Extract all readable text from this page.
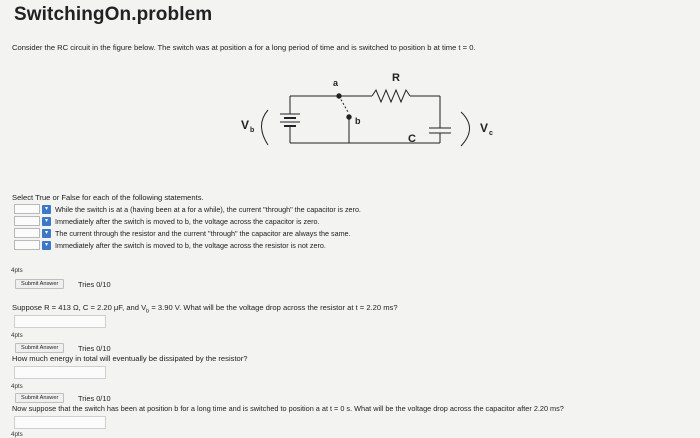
SwitchingOn.problem
Consider the RC circuit in the figure below. The switch was at position a for a long period of time and is switched to position b at time t = 0.
V b
a
b
R
C
V c
Select True or False for each of the following statements.
▾ While the switch is at a (having been at a for a while), the current "through" the capacitor is zero.
▾ Immediately after the switch is moved to b, the voltage across the capacitor is zero.
▾ The current through the resistor and the current "through" the capacitor are always the same.
▾ Immediately after the switch is moved to b, the voltage across the resistor is not zero.
4pts
Submit Answer	Tries 0/10
Suppose R = 413 Ω, C = 2.20 μF, and $V_b = 3.90$ V. What will be the voltage drop across the resistor at t = 2.20 ms?
4pts
Submit Answer	Tries 0/10
How much energy in total will eventually be dissipated by the resistor?
4pts
Submit Answer	Tries 0/10
Now suppose that the switch has been at position b for a long time and is switched to position a at t = 0 s. What will be the voltage drop across the capacitor after 2.20 ms?
4pts
